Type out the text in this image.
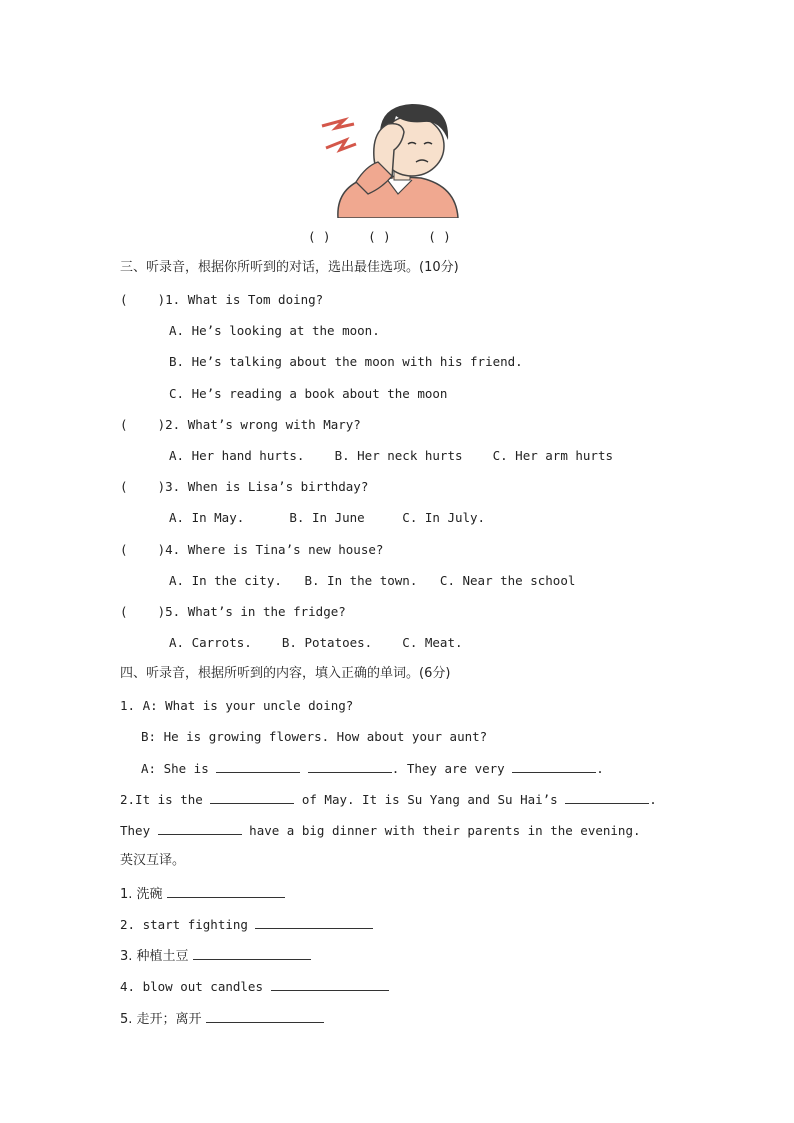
( )	( )	( )
三、听录音，根据你所听到的对话，选出最佳选项。(10分)
(    )1. What is Tom doing?
A. He’s looking at the moon.
B. He’s talking about the moon with his friend.
C. He’s reading a book about the moon
(    )2. What’s wrong with Mary?
A. Her hand hurts.    B. Her neck hurts    C. Her arm hurts
(    )3. When is Lisa’s birthday?
A. In May.      B. In June     C. In July.
(    )4. Where is Tina’s new house?
A. In the city.   B. In the town.   C. Near the school
(    )5. What’s in the fridge?
A. Carrots.    B. Potatoes.    C. Meat.
四、听录音，根据所听到的内容，填入正确的单词。(6分)
1. A: What is your uncle doing?
B: He is growing flowers. How about your aunt?
A: She is	. They are very	.
2.It is the	of May. It is Su Yang and Su Hai’s	.
They	have a big dinner with their parents in the evening.
英汉互译。
1. 洗碗
2. start fighting
3. 种植土豆
4. blow out candles
5. 走开；离开
